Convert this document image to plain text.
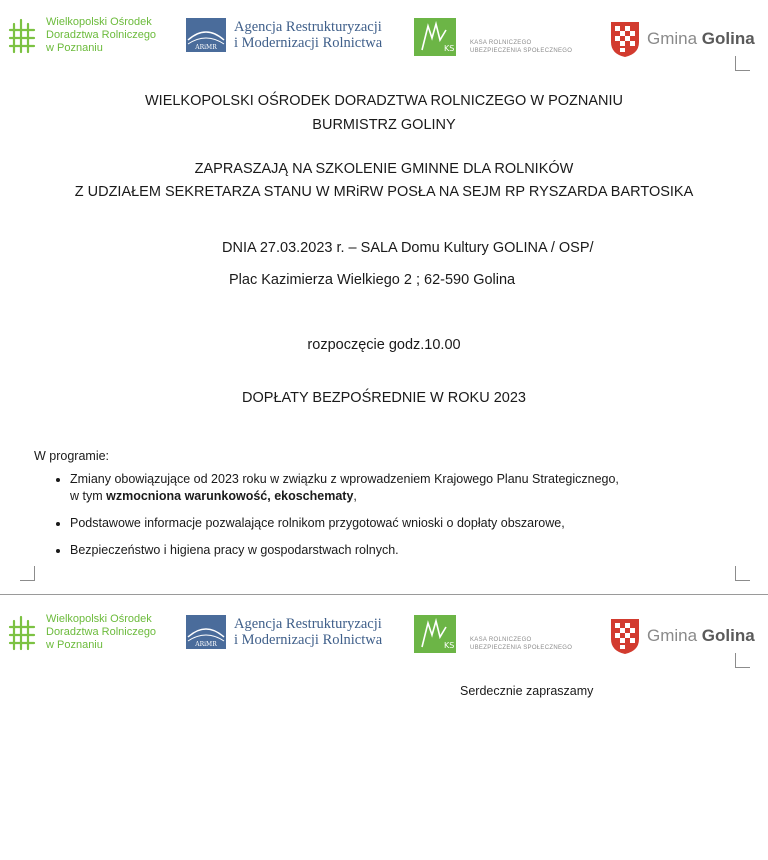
Wielkopolski Ośrodek
Doradztwa Rolniczego
w Poznaniu	ARiMR
Agencja Restrukturyzacji
i Modernizacji Rolnictwa	KS
KASA ROLNICZEGO
UBEZPIECZENIA SPOŁECZNEGO
Gmina Golina
WIELKOPOLSKI OŚRODEK DORADZTWA ROLNICZEGO W POZNANIU
BURMISTRZ GOLINY
ZAPRASZAJĄ NA SZKOLENIE GMINNE DLA ROLNIKÓW
Z UDZIAŁEM SEKRETARZA STANU W MRiRW POSŁA NA SEJM RP RYSZARDA BARTOSIKA
DNIA 27.03.2023 r. – SALA Domu Kultury GOLINA / OSP/
Plac Kazimierza Wielkiego 2 ; 62-590 Golina
rozpoczęcie godz.10.00
DOPŁATY BEZPOŚREDNIE W ROKU 2023
W programie:
• Zmiany obowiązujące od 2023 roku w związku z wprowadzeniem Krajowego Planu Strategicznego,
w tym wzmocniona warunkowość, ekoschematy,
• Podstawowe informacje pozwalające rolnikom przygotować wnioski o dopłaty obszarowe,
• Bezpieczeństwo i higiena pracy w gospodarstwach rolnych.
Wielkopolski Ośrodek
Doradztwa Rolniczego
w Poznaniu	ARiMR
Agencja Restrukturyzacji
i Modernizacji Rolnictwa	KS
KASA ROLNICZEGO
UBEZPIECZENIA SPOŁECZNEGO
Gmina Golina
Serdecznie zapraszamy
